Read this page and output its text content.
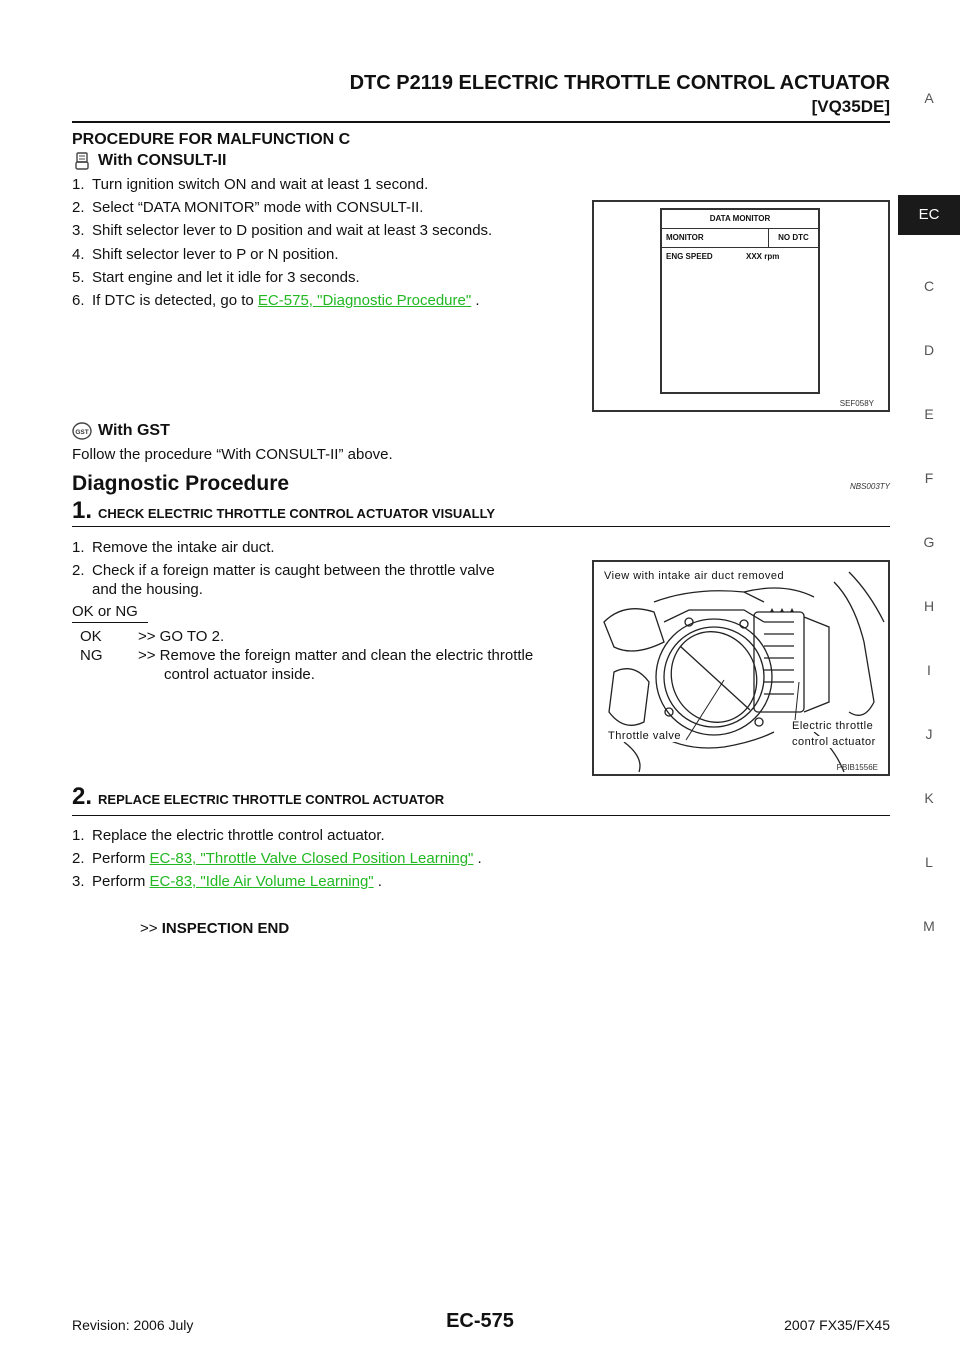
DTC P2119 ELECTRIC THROTTLE CONTROL ACTUATOR
[VQ35DE]	A
EC
C
D
E
F
G
H
I
J
K
L
M
PROCEDURE FOR MALFUNCTION C
With CONSULT-II
1. Turn ignition switch ON and wait at least 1 second.
2. Select “DATA MONITOR” mode with CONSULT-II.
3. Shift selector lever to D position and wait at least 3 seconds.
4. Shift selector lever to P or N position.
5. Start engine and let it idle for 3 seconds.
6. If DTC is detected, go to EC-575, "Diagnostic Procedure" .
DATA MONITOR
MONITOR	NO DTC
ENG SPEED	XXX rpm
SEF058Y
GST With GST
Follow the procedure “With CONSULT-II” above.
Diagnostic Procedure	NBS003TY
1. CHECK ELECTRIC THROTTLE CONTROL ACTUATOR VISUALLY
1. Remove the intake air duct.
2. Check if a foreign matter is caught between the throttle valve
and the housing.
OK or NG
OK >> GO TO 2.
NG >> Remove the foreign matter and clean the electric throttle
control actuator inside.
View with intake air duct removed
Throttle valve
Electric throttle
control actuator
PBIB1556E
2. REPLACE ELECTRIC THROTTLE CONTROL ACTUATOR
1. Replace the electric throttle control actuator.
2. Perform EC-83, "Throttle Valve Closed Position Learning" .
3. Perform EC-83, "Idle Air Volume Learning" .
>> INSPECTION END
Revision: 2006 July	EC-575	2007 FX35/FX45
